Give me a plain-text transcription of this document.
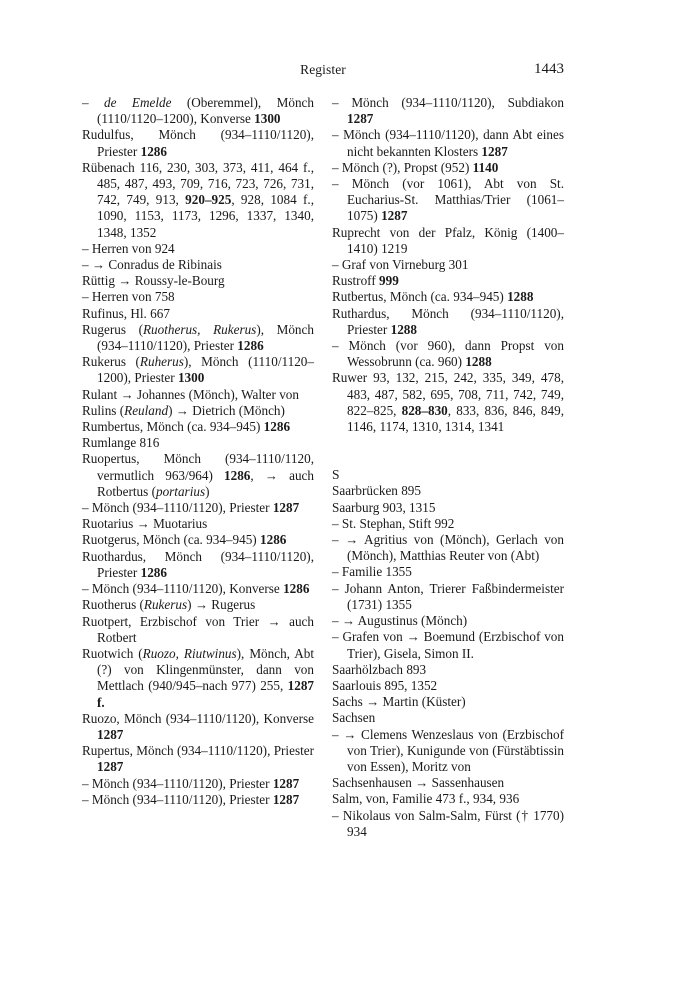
Register	1443

– de Emelde (Oberemmel), Mönch (1110/1120–1200), Konverse 1300

Rudulfus, Mönch (934–1110/1120), Priester 1286

Rübenach 116, 230, 303, 373, 411, 464 f., 485, 487, 493, 709, 716, 723, 726, 731, 742, 749, 913, 920–925, 928, 1084 f., 1090, 1153, 1173, 1296, 1337, 1340, 1348, 1352

– Herren von 924

– → Conradus de Ribinais

Rüttig → Roussy-le-Bourg

– Herren von 758

Rufinus, Hl. 667

Rugerus (Ruotherus, Rukerus), Mönch (934–1110/1120), Priester 1286

Rukerus (Ruherus), Mönch (1110/1120–1200), Priester 1300

Rulant → Johannes (Mönch), Walter von

Rulins (Reuland) → Dietrich (Mönch)

Rumbertus, Mönch (ca. 934–945) 1286

Rumlange 816

Ruopertus, Mönch (934–1110/1120, vermutlich 963/964) 1286, → auch Rotbertus (portarius)

– Mönch (934–1110/1120), Priester 1287

Ruotarius → Muotarius

Ruotgerus, Mönch (ca. 934–945) 1286

Ruothardus, Mönch (934–1110/1120), Priester 1286

– Mönch (934–1110/1120), Konverse 1286

Ruotherus (Rukerus) → Rugerus

Ruotpert, Erzbischof von Trier → auch Rotbert

Ruotwich (Ruozo, Riutwinus), Mönch, Abt (?) von Klingenmünster, dann von Mettlach (940/945–nach 977) 255, 1287 f.

Ruozo, Mönch (934–1110/1120), Konverse 1287

Rupertus, Mönch (934–1110/1120), Priester 1287

– Mönch (934–1110/1120), Priester 1287

– Mönch (934–1110/1120), Priester 1287

– Mönch (934–1110/1120), Subdiakon 1287

– Mönch (934–1110/1120), dann Abt eines nicht bekannten Klosters 1287

– Mönch (?), Propst (952) 1140

– Mönch (vor 1061), Abt von St. Eucharius-St. Matthias/Trier (1061–1075) 1287

Ruprecht von der Pfalz, König (1400–1410) 1219

– Graf von Virneburg 301

Rustroff 999

Rutbertus, Mönch (ca. 934–945) 1288

Ruthardus, Mönch (934–1110/1120), Priester 1288

– Mönch (vor 960), dann Propst von Wessobrunn (ca. 960) 1288

Ruwer 93, 132, 215, 242, 335, 349, 478, 483, 487, 582, 695, 708, 711, 742, 749, 822–825, 828–830, 833, 836, 846, 849, 1146, 1174, 1310, 1314, 1341

S

Saarbrücken 895

Saarburg 903, 1315

– St. Stephan, Stift 992

– → Agritius von (Mönch), Gerlach von (Mönch), Matthias Reuter von (Abt)

– Familie 1355

– Johann Anton, Trierer Faßbindermeister (1731) 1355

– → Augustinus (Mönch)

– Grafen von → Boemund (Erzbischof von Trier), Gisela, Simon II.

Saarhölzbach 893

Saarlouis 895, 1352

Sachs → Martin (Küster)

Sachsen

– → Clemens Wenzeslaus von (Erzbischof von Trier), Kunigunde von (Fürstäbtissin von Essen), Moritz von

Sachsenhausen → Sassenhausen

Salm, von, Familie 473 f., 934, 936

– Nikolaus von Salm-Salm, Fürst († 1770) 934
